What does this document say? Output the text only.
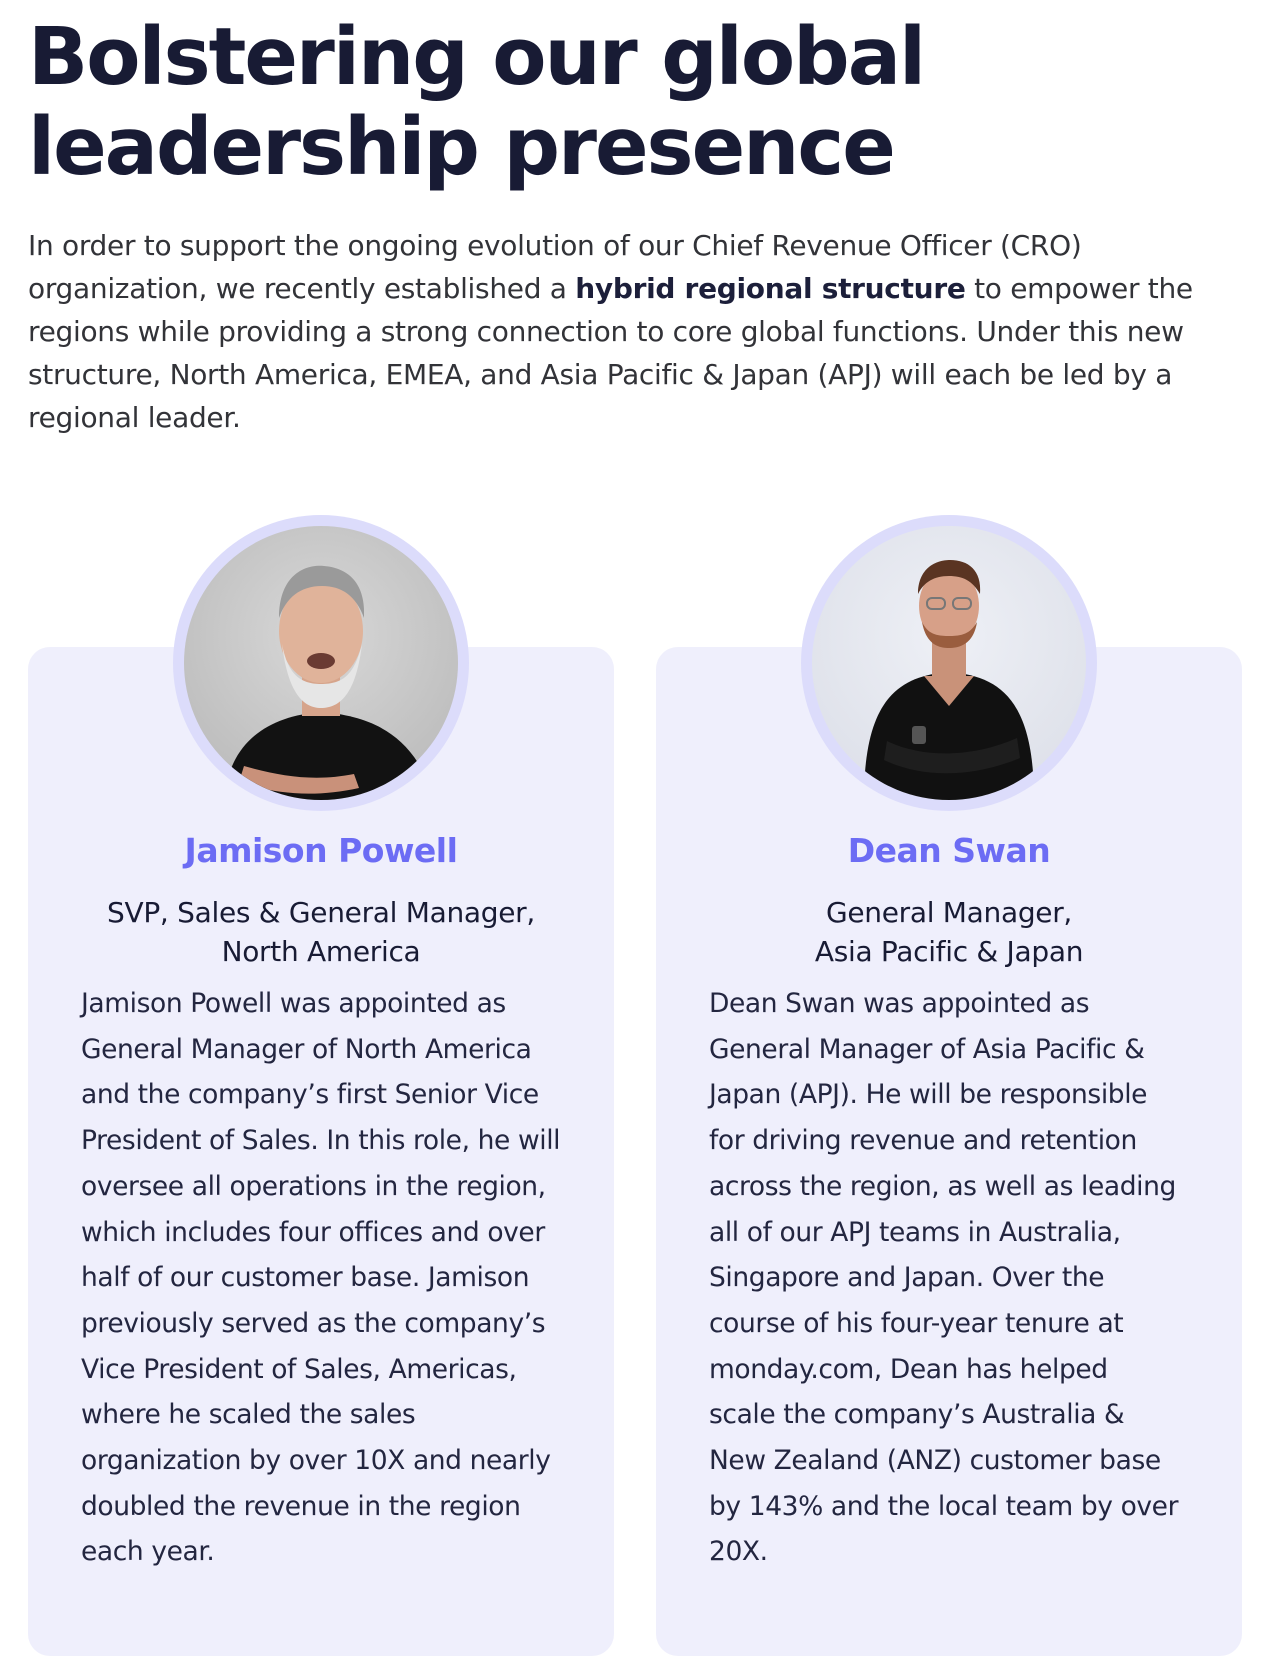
Bolstering our global
leadership presence

In order to support the ongoing evolution of our Chief Revenue Officer (CRO) organization, we recently established a hybrid regional structure to empower the regions while providing a strong connection to core global functions. Under this new structure, North America, EMEA, and Asia Pacific & Japan (APJ) will each be led by a regional leader.

Jamison Powell
SVP, Sales & General Manager,
North America
Jamison Powell was appointed as
General Manager of North America
and the company’s first Senior Vice
President of Sales. In this role, he will
oversee all operations in the region,
which includes four offices and over
half of our customer base. Jamison
previously served as the company’s
Vice President of Sales, Americas,
where he scaled the sales
organization by over 10X and nearly
doubled the revenue in the region
each year.
Dean Swan
General Manager,
Asia Pacific & Japan
Dean Swan was appointed as
General Manager of Asia Pacific &
Japan (APJ). He will be responsible
for driving revenue and retention
across the region, as well as leading
all of our APJ teams in Australia,
Singapore and Japan. Over the
course of his four-year tenure at
monday.com, Dean has helped
scale the company’s Australia &
New Zealand (ANZ) customer base
by 143% and the local team by over
20X.
